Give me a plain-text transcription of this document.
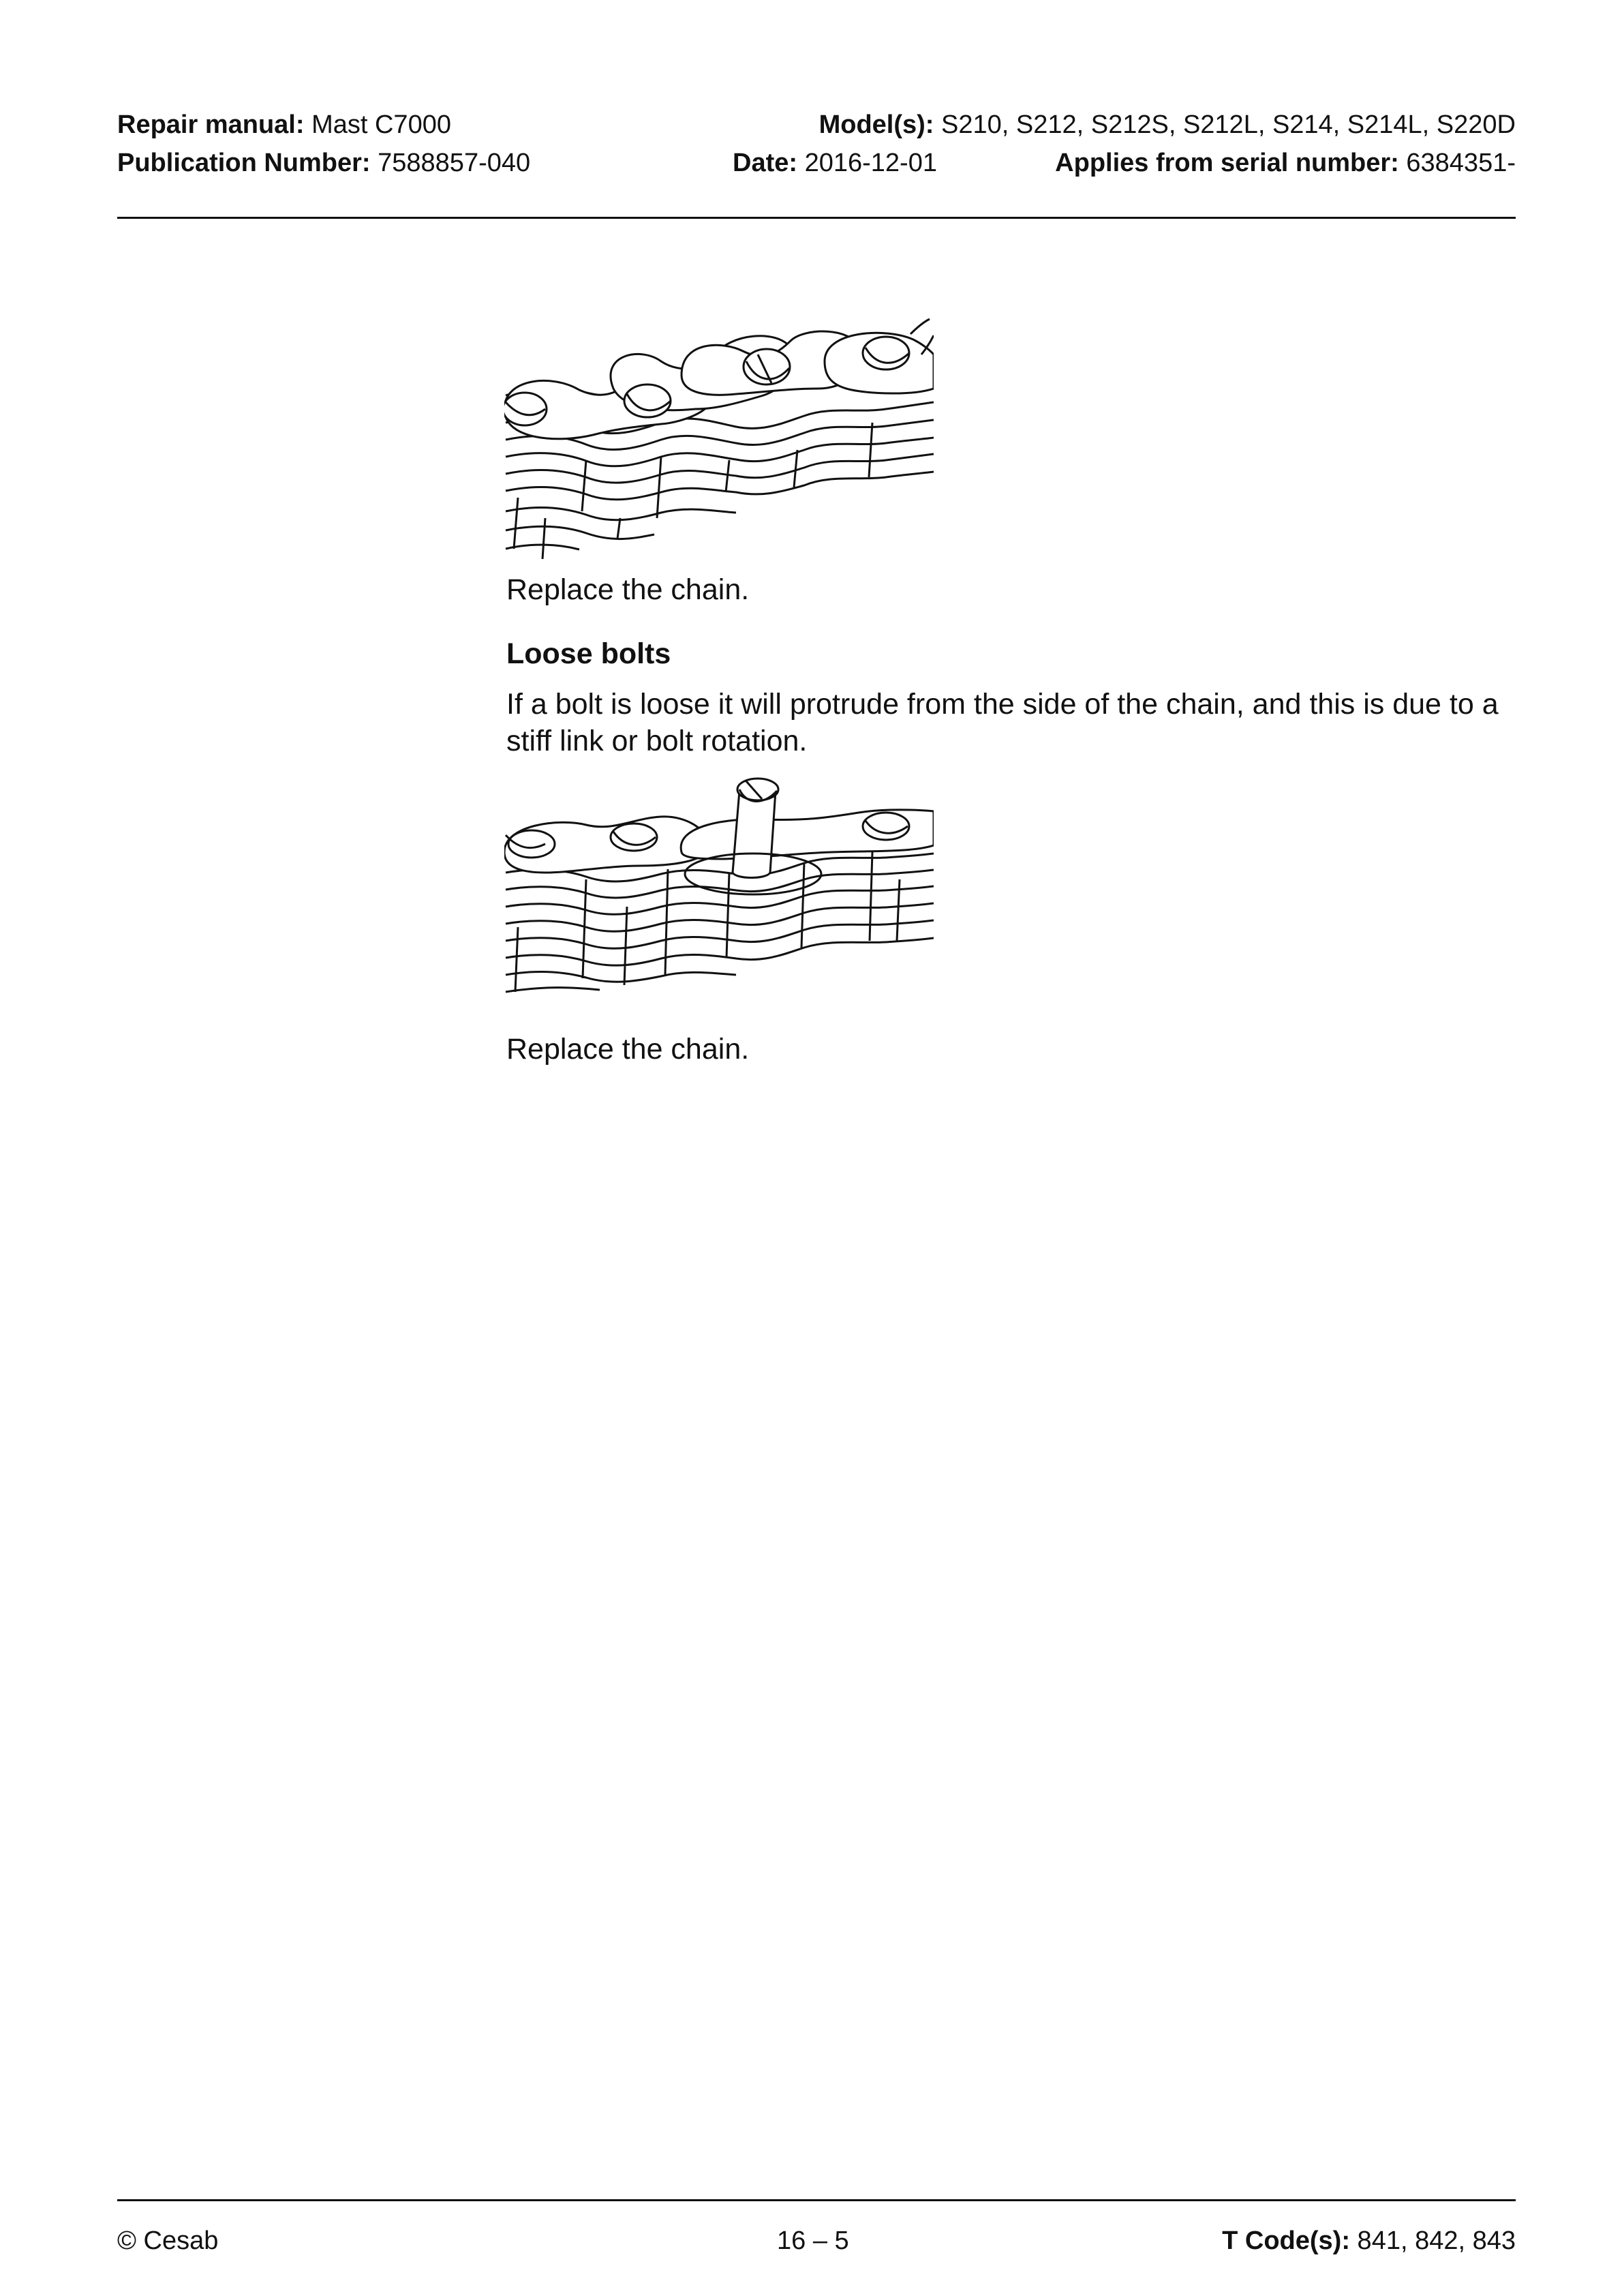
Repair manual: Mast C7000	Model(s): S210, S212, S212S, S212L, S214, S214L, S220D
Publication Number: 7588857-040	Date: 2016-12-01	Applies from serial number: 6384351-
Replace the chain.
Loose bolts
If a bolt is loose it will protrude from the side of the chain, and this is due to a stiff link or bolt rotation.
Replace the chain.
© Cesab	16 – 5	T Code(s): 841, 842, 843
